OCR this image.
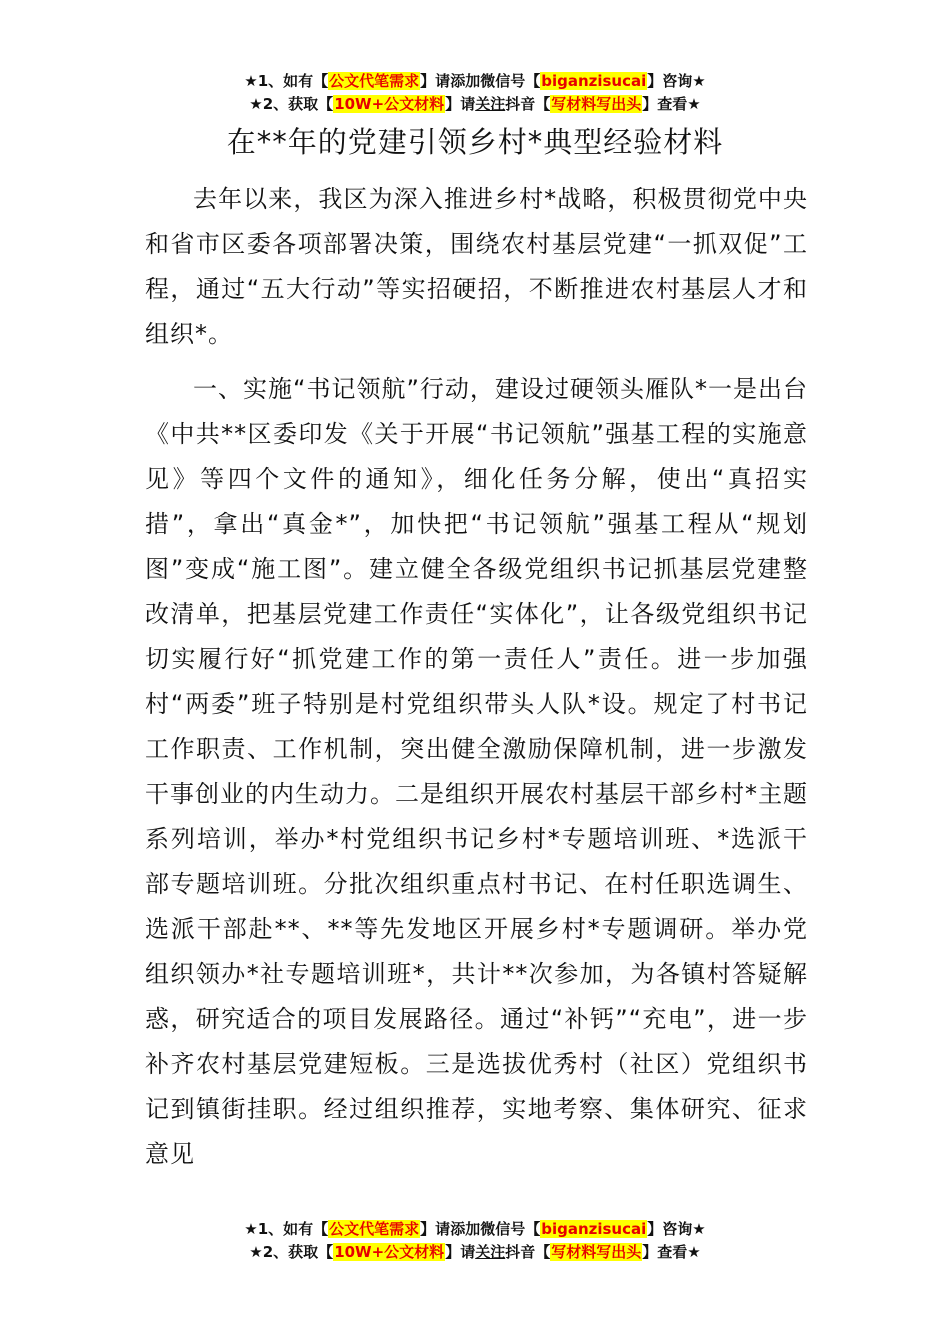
★1、如有【公文代笔需求】请添加微信号【biganzisucai】咨询★
★2、获取【10W+公文材料】请关注抖音【写材料写出头】查看★
在**年的党建引领乡村*典型经验材料

去年以来，我区为深入推进乡村*战略，积极贯彻党中央和省市区委各项部署决策，围绕农村基层党建“一抓双促”工程，通过“五大行动”等实招硬招，不断推进农村基层人才和组织*。

一、实施“书记领航”行动，建设过硬领头雁队*一是出台《中共**区委印发《关于开展“书记领航”强基工程的实施意见》等四个文件的通知》，细化任务分解，使出“真招实措”，拿出“真金*”，加快把“书记领航”强基工程从“规划图”变成“施工图”。建立健全各级党组织书记抓基层党建整改清单，把基层党建工作责任“实体化”，让各级党组织书记切实履行好“抓党建工作的第一责任人”责任。进一步加强村“两委”班子特别是村党组织带头人队*设。规定了村书记工作职责、工作机制，突出健全激励保障机制，进一步激发干事创业的内生动力。二是组织开展农村基层干部乡村*主题系列培训，举办*村党组织书记乡村*专题培训班、*选派干部专题培训班。分批次组织重点村书记、在村任职选调生、选派干部赴**、**等先发地区开展乡村*专题调研。举办党组织领办*社专题培训班*，共计**次参加，为各镇村答疑解惑，研究适合的项目发展路径。通过“补钙”“充电”，进一步补齐农村基层党建短板。三是选拔优秀村（社区）党组织书记到镇街挂职。经过组织推荐，实地考察、集体研究、征求意见

★1、如有【公文代笔需求】请添加微信号【biganzisucai】咨询★
★2、获取【10W+公文材料】请关注抖音【写材料写出头】查看★
